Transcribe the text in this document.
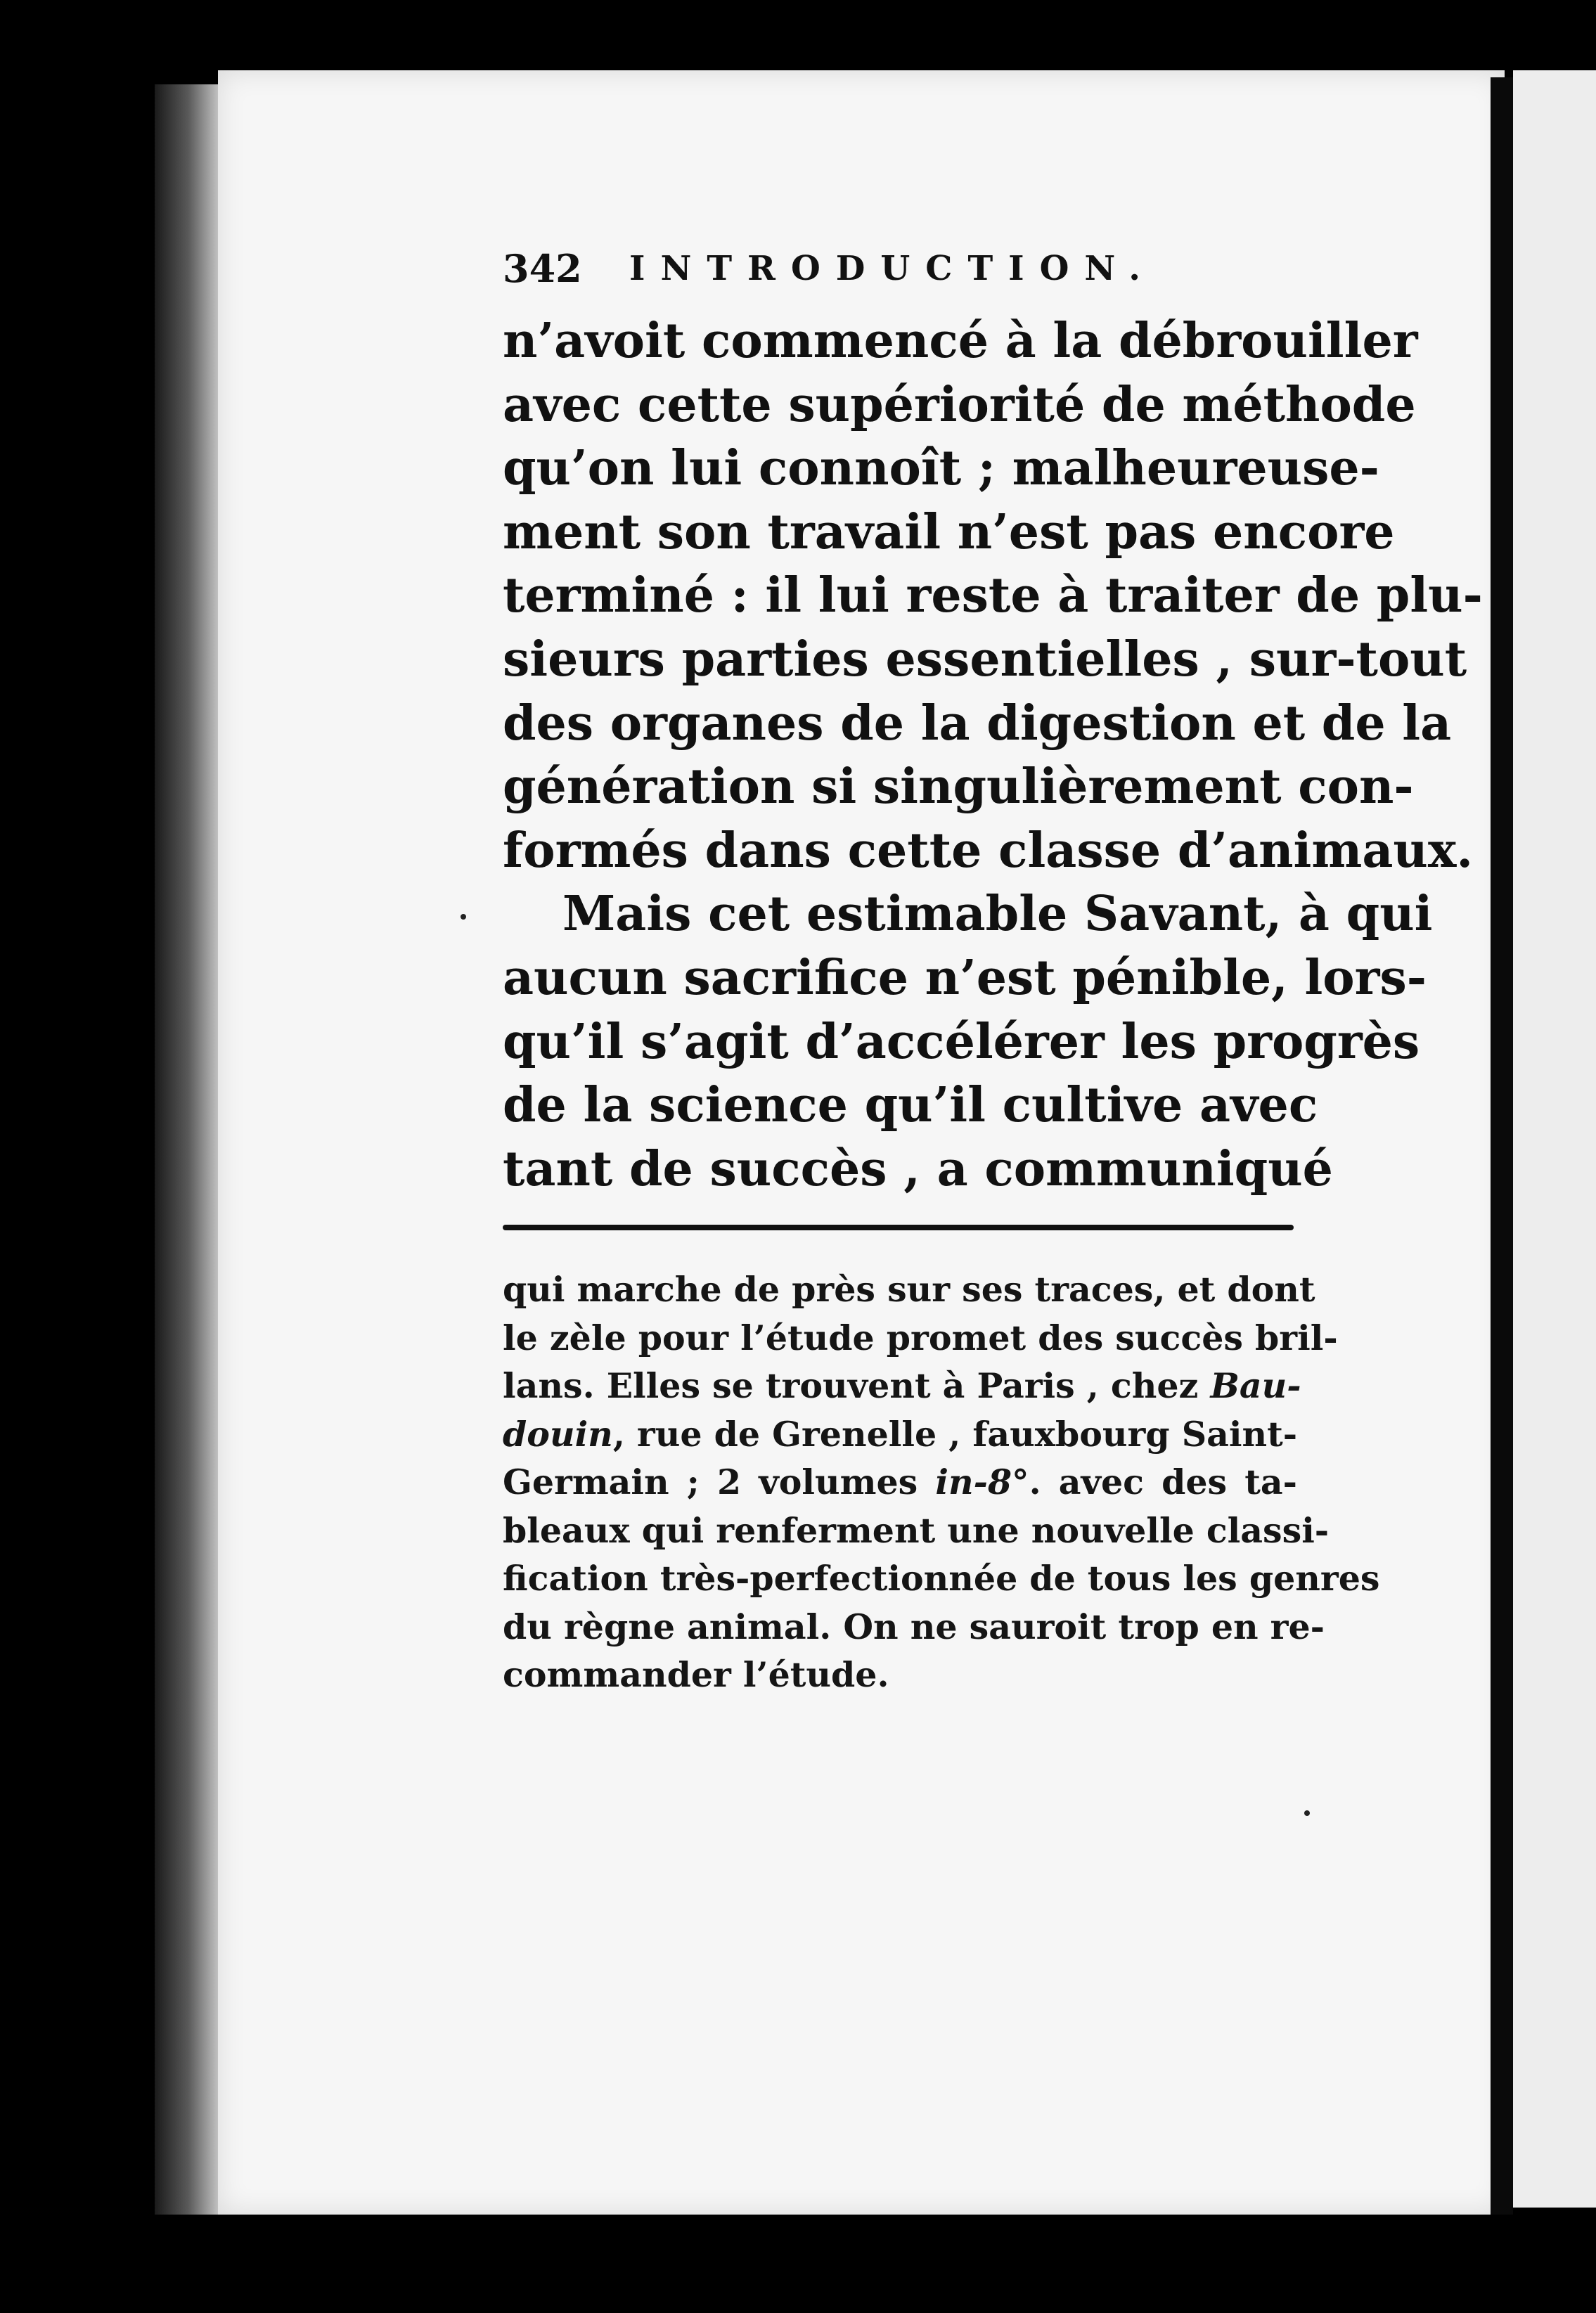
342 INTRODUCTION.
n’avoit commencé à la débrouiller
avec cette supériorité de méthode
qu’on lui connoît ; malheureuse-
ment son travail n’est pas encore
terminé : il lui reste à traiter de plu-
sieurs parties essentielles , sur-tout
des organes de la digestion et de la
génération si singulièrement con-
formés dans cette classe d’animaux.
Mais cet estimable Savant, à qui
aucun sacrifice n’est pénible, lors-
qu’il s’agit d’accélérer les progrès
de la science qu’il cultive avec
tant de succès , a communiqué
qui marche de près sur ses traces, et dont
le zèle pour l’étude promet des succès bril-
lans. Elles se trouvent à Paris , chez Bau-
douin, rue de Grenelle , fauxbourg Saint-
Germain ; 2 volumes in-8°. avec des ta-
bleaux qui renferment une nouvelle classi-
fication très-perfectionnée de tous les genres
du règne animal. On ne sauroit trop en re-
commander l’étude.
